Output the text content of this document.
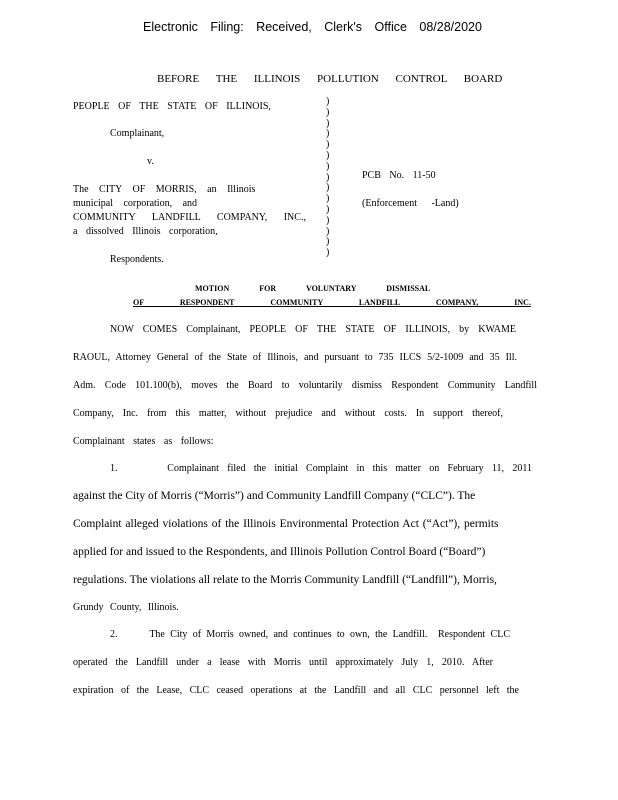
Electronic Filing: Received, Clerk's Office 08/28/2020
BEFORE THE ILLINOIS POLLUTION CONTROL BOARD
PEOPLE OF THE STATE OF ILLINOIS,
Complainant,
v.
The CITY OF MORRIS, an Illinois
municipal corporation, and
COMMUNITY LANDFILL COMPANY, INC.,
a dissolved Illinois corporation,
Respondents.
)
)
)
)
)
)
)
)
)
)
)
)
)
)
)
PCB No. 11-50
(Enforcement -Land)
MOTION FOR VOLUNTARY DISMISSAL
OF RESPONDENT COMMUNITY LANDFILL COMPANY, INC.
NOW COMES Complainant, PEOPLE OF THE STATE OF ILLINOIS, by KWAME
RAOUL, Attorney General of the State of Illinois, and pursuant to 735 ILCS 5/2-1009 and 35 Ill.
Adm. Code 101.100(b), moves the Board to voluntarily dismiss Respondent Community Landfill
Company, Inc. from this matter, without prejudice and without costs. In support thereof,
Complainant states as follows:
1.      Complainant filed the initial Complaint in this matter on February 11, 2011
against the City of Morris (“Morris”) and Community Landfill Company (“CLC”). The
Complaint alleged violations of the Illinois Environmental Protection Act (“Act”), permits
applied for and issued to the Respondents, and Illinois Pollution Control Board (“Board”)
regulations. The violations all relate to the Morris Community Landfill (“Landfill”), Morris,
Grundy County, Illinois.
2.      The City of Morris owned, and continues to own, the Landfill.  Respondent CLC
operated the Landfill under a lease with Morris until approximately July 1, 2010. After
expiration of the Lease, CLC ceased operations at the Landfill and all CLC personnel left the
